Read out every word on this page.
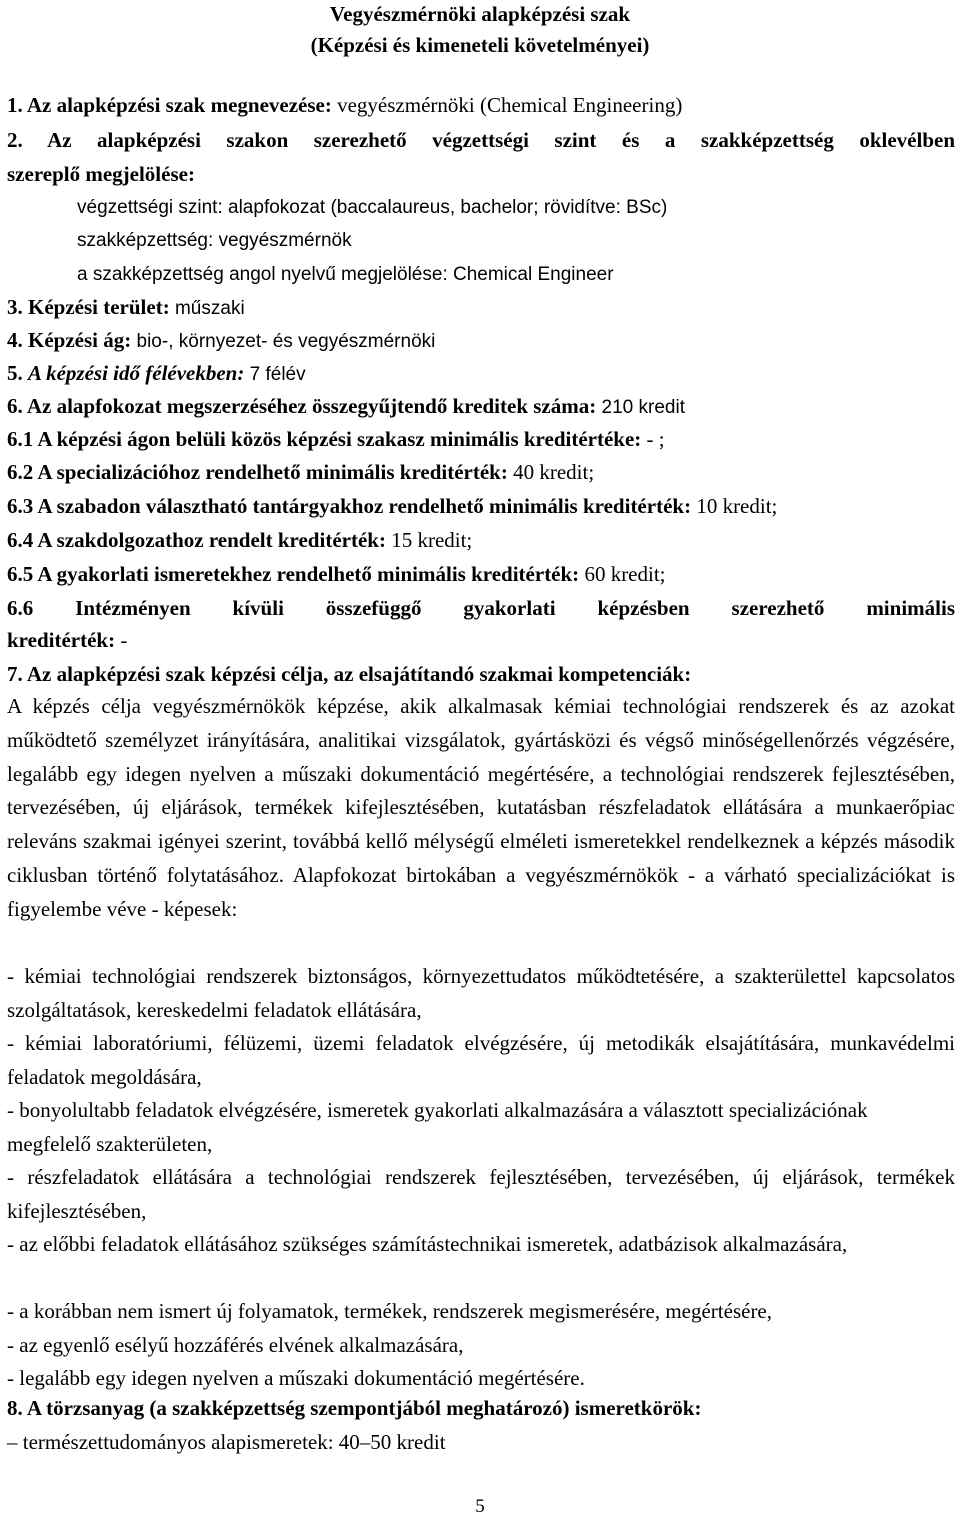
Vegyészmérnöki alapképzési szak
(Képzési és kimeneteli követelményei)
1. Az alapképzési szak megnevezése: vegyészmérnöki (Chemical Engineering)
2. Az alapképzési szakon szerezhető végzettségi szint és a szakképzettség oklevélben
szereplő megjelölése:
végzettségi szint: alapfokozat (baccalaureus, bachelor; rövidítve: BSc)
szakképzettség: vegyészmérnök
a szakképzettség angol nyelvű megjelölése: Chemical Engineer
3. Képzési terület: műszaki
4. Képzési ág: bio-, környezet- és vegyészmérnöki
5. A képzési idő félévekben: 7 félév
6. Az alapfokozat megszerzéséhez összegyűjtendő kreditek száma: 210 kredit
6.1 A képzési ágon belüli közös képzési szakasz minimális kreditértéke: - ;
6.2 A specializációhoz rendelhető minimális kreditérték: 40 kredit;
6.3 A szabadon választható tantárgyakhoz rendelhető minimális kreditérték: 10 kredit;
6.4 A szakdolgozathoz rendelt kreditérték: 15 kredit;
6.5 A gyakorlati ismeretekhez rendelhető minimális kreditérték: 60 kredit;
6.6 Intézményen kívüli összefüggő gyakorlati képzésben szerezhető minimális
kreditérték: -
7. Az alapképzési szak képzési célja, az elsajátítandó szakmai kompetenciák:

A képzés célja vegyészmérnökök képzése, akik alkalmasak kémiai technológiai rendszerek és az azokat működtető személyzet irányítására, analitikai vizsgálatok, gyártásközi és végső minőségellenőrzés végzésére, legalább egy idegen nyelven a műszaki dokumentáció megértésére, a technológiai rendszerek fejlesztésében, tervezésében, új eljárások, termékek kifejlesztésében, kutatásban részfeladatok ellátására a munkaerőpiac releváns szakmai igényei szerint, továbbá kellő mélységű elméleti ismeretekkel rendelkeznek a képzés második ciklusban történő folytatásához. Alapfokozat birtokában a vegyészmérnökök - a várható specializációkat is figyelembe véve - képesek:

- kémiai technológiai rendszerek biztonságos, környezettudatos működtetésére, a szakterülettel kapcsolatos szolgáltatások, kereskedelmi feladatok ellátására,

- kémiai laboratóriumi, félüzemi, üzemi feladatok elvégzésére, új metodikák elsajátítására, munkavédelmi feladatok megoldására,

- bonyolultabb feladatok elvégzésére, ismeretek gyakorlati alkalmazására a választott specializációnak megfelelő szakterületen,

- részfeladatok ellátására a technológiai rendszerek fejlesztésében, tervezésében, új eljárások, termékek kifejlesztésében,

- az előbbi feladatok ellátásához szükséges számítástechnikai ismeretek, adatbázisok alkalmazására,

- a korábban nem ismert új folyamatok, termékek, rendszerek megismerésére, megértésére,

- az egyenlő esélyű hozzáférés elvének alkalmazására,

- legalább egy idegen nyelven a műszaki dokumentáció megértésére.

8. A törzsanyag (a szakképzettség szempontjából meghatározó) ismeretkörök:
– természettudományos alapismeretek: 40–50 kredit
5
